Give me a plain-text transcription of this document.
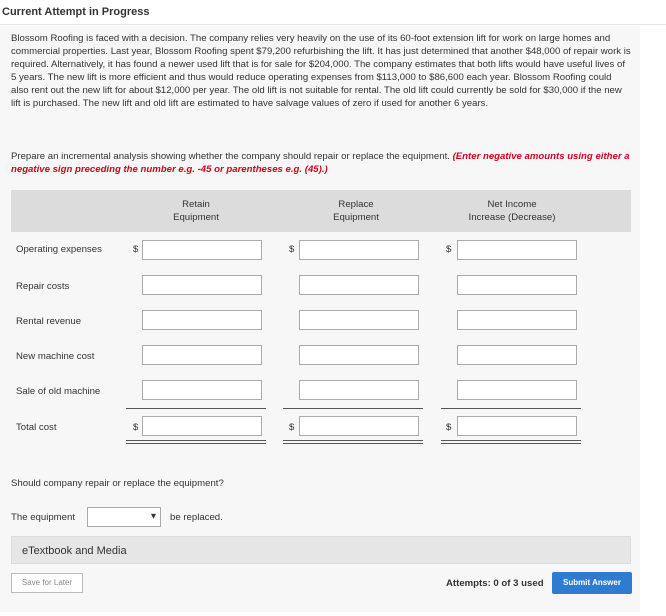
Current Attempt in Progress
Blossom Roofing is faced with a decision. The company relies very heavily on the use of its 60-foot extension lift for work on large homes and commercial properties. Last year, Blossom Roofing spent $79,200 refurbishing the lift. It has just determined that another $48,000 of repair work is required. Alternatively, it has found a newer used lift that is for sale for $204,000. The company estimates that both lifts would have useful lives of 5 years. The new lift is more efficient and thus would reduce operating expenses from $113,000 to $86,600 each year. Blossom Roofing could also rent out the new lift for about $12,000 per year. The old lift is not suitable for rental. The old lift could currently be sold for $30,000 if the new lift is purchased. The new lift and old lift are estimated to have salvage values of zero if used for another 6 years.
Prepare an incremental analysis showing whether the company should repair or replace the equipment. (Enter negative amounts using either a negative sign preceding the number e.g. -45 or parentheses e.g. (45).)
Retain
Equipment
Replace
Equipment
Net Income
Increase (Decrease)
Operating expenses	$	$	$
Repair costs
Rental revenue
New machine cost
Sale of old machine
Total cost	$	$	$
Should company repair or replace the equipment?
The equipment	▾ be replaced.
eTextbook and Media
Save for Later	Attempts: 0 of 3 used	Submit Answer
